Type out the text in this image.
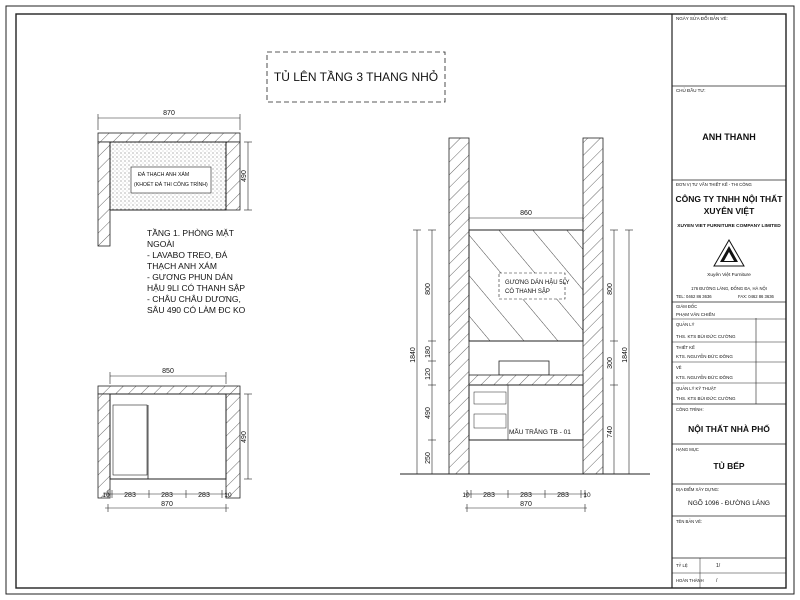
TỦ LÊN TẦNG 3 THANG NHỎ
870
ĐÁ THẠCH ANH XÁM
(KHOÉT ĐÁ THI CÔNG TRÌNH)
490
TẦNG 1. PHÒNG MẶT
NGOÀI
- LAVABO TREO, ĐÁ
THẠCH ANH XÁM
- GƯƠNG PHUN DÁN
HẬU 9LI CÓ THANH SẬP
- CHÂU CHÂU DƯƠNG,
SÂU 490 CÓ LÀM ĐC KO
850
490
10 283	283	283 10
870
860
GƯƠNG DÁN HẬU 5LY
CÓ THANH SẬP
MẪU TRẮNG TB - 01
800
180
120
490
250
1840
800
300
740
1840
10 283	283	283 10
870
NGÀY SỬA ĐỔI BẢN VẼ:
CHỦ ĐẦU TƯ:
ANH THANH
ĐƠN VỊ TƯ VẤN THIẾT KẾ - THI CÔNG
CÔNG TY TNHH NỘI THẤT
XUYÊN VIỆT
XUYEN VIET FURNITURE COMPANY LIMITED
Xuyên Việt Furniture
176 ĐƯỜNG LÁNG, ĐỐNG ĐA, HÀ NỘI
TEL: 0462 86 3636	FAX: 0462 86 3636
GIÁM ĐỐC
PHẠM VĂN CHIẾN
QUẢN LÝ
THS. KTS BÙI ĐỨC CƯỜNG
THIẾT KẾ
KTS. NGUYỄN ĐỨC ĐÔNG
VẼ
KTS. NGUYỄN ĐỨC ĐÔNG
QUẢN LÝ KỸ THUẬT
THS. KTS BÙI ĐỨC CƯỜNG
CÔNG TRÌNH:
NỘI THẤT NHÀ PHỐ
HẠNG MỤC
TỦ BẾP
ĐỊA ĐIỂM XÂY DỰNG:
NGÕ 1096 - ĐƯỜNG LÁNG
TÊN BẢN VẼ:
TỶ LỆ	1/
HOÀN THÀNH /
